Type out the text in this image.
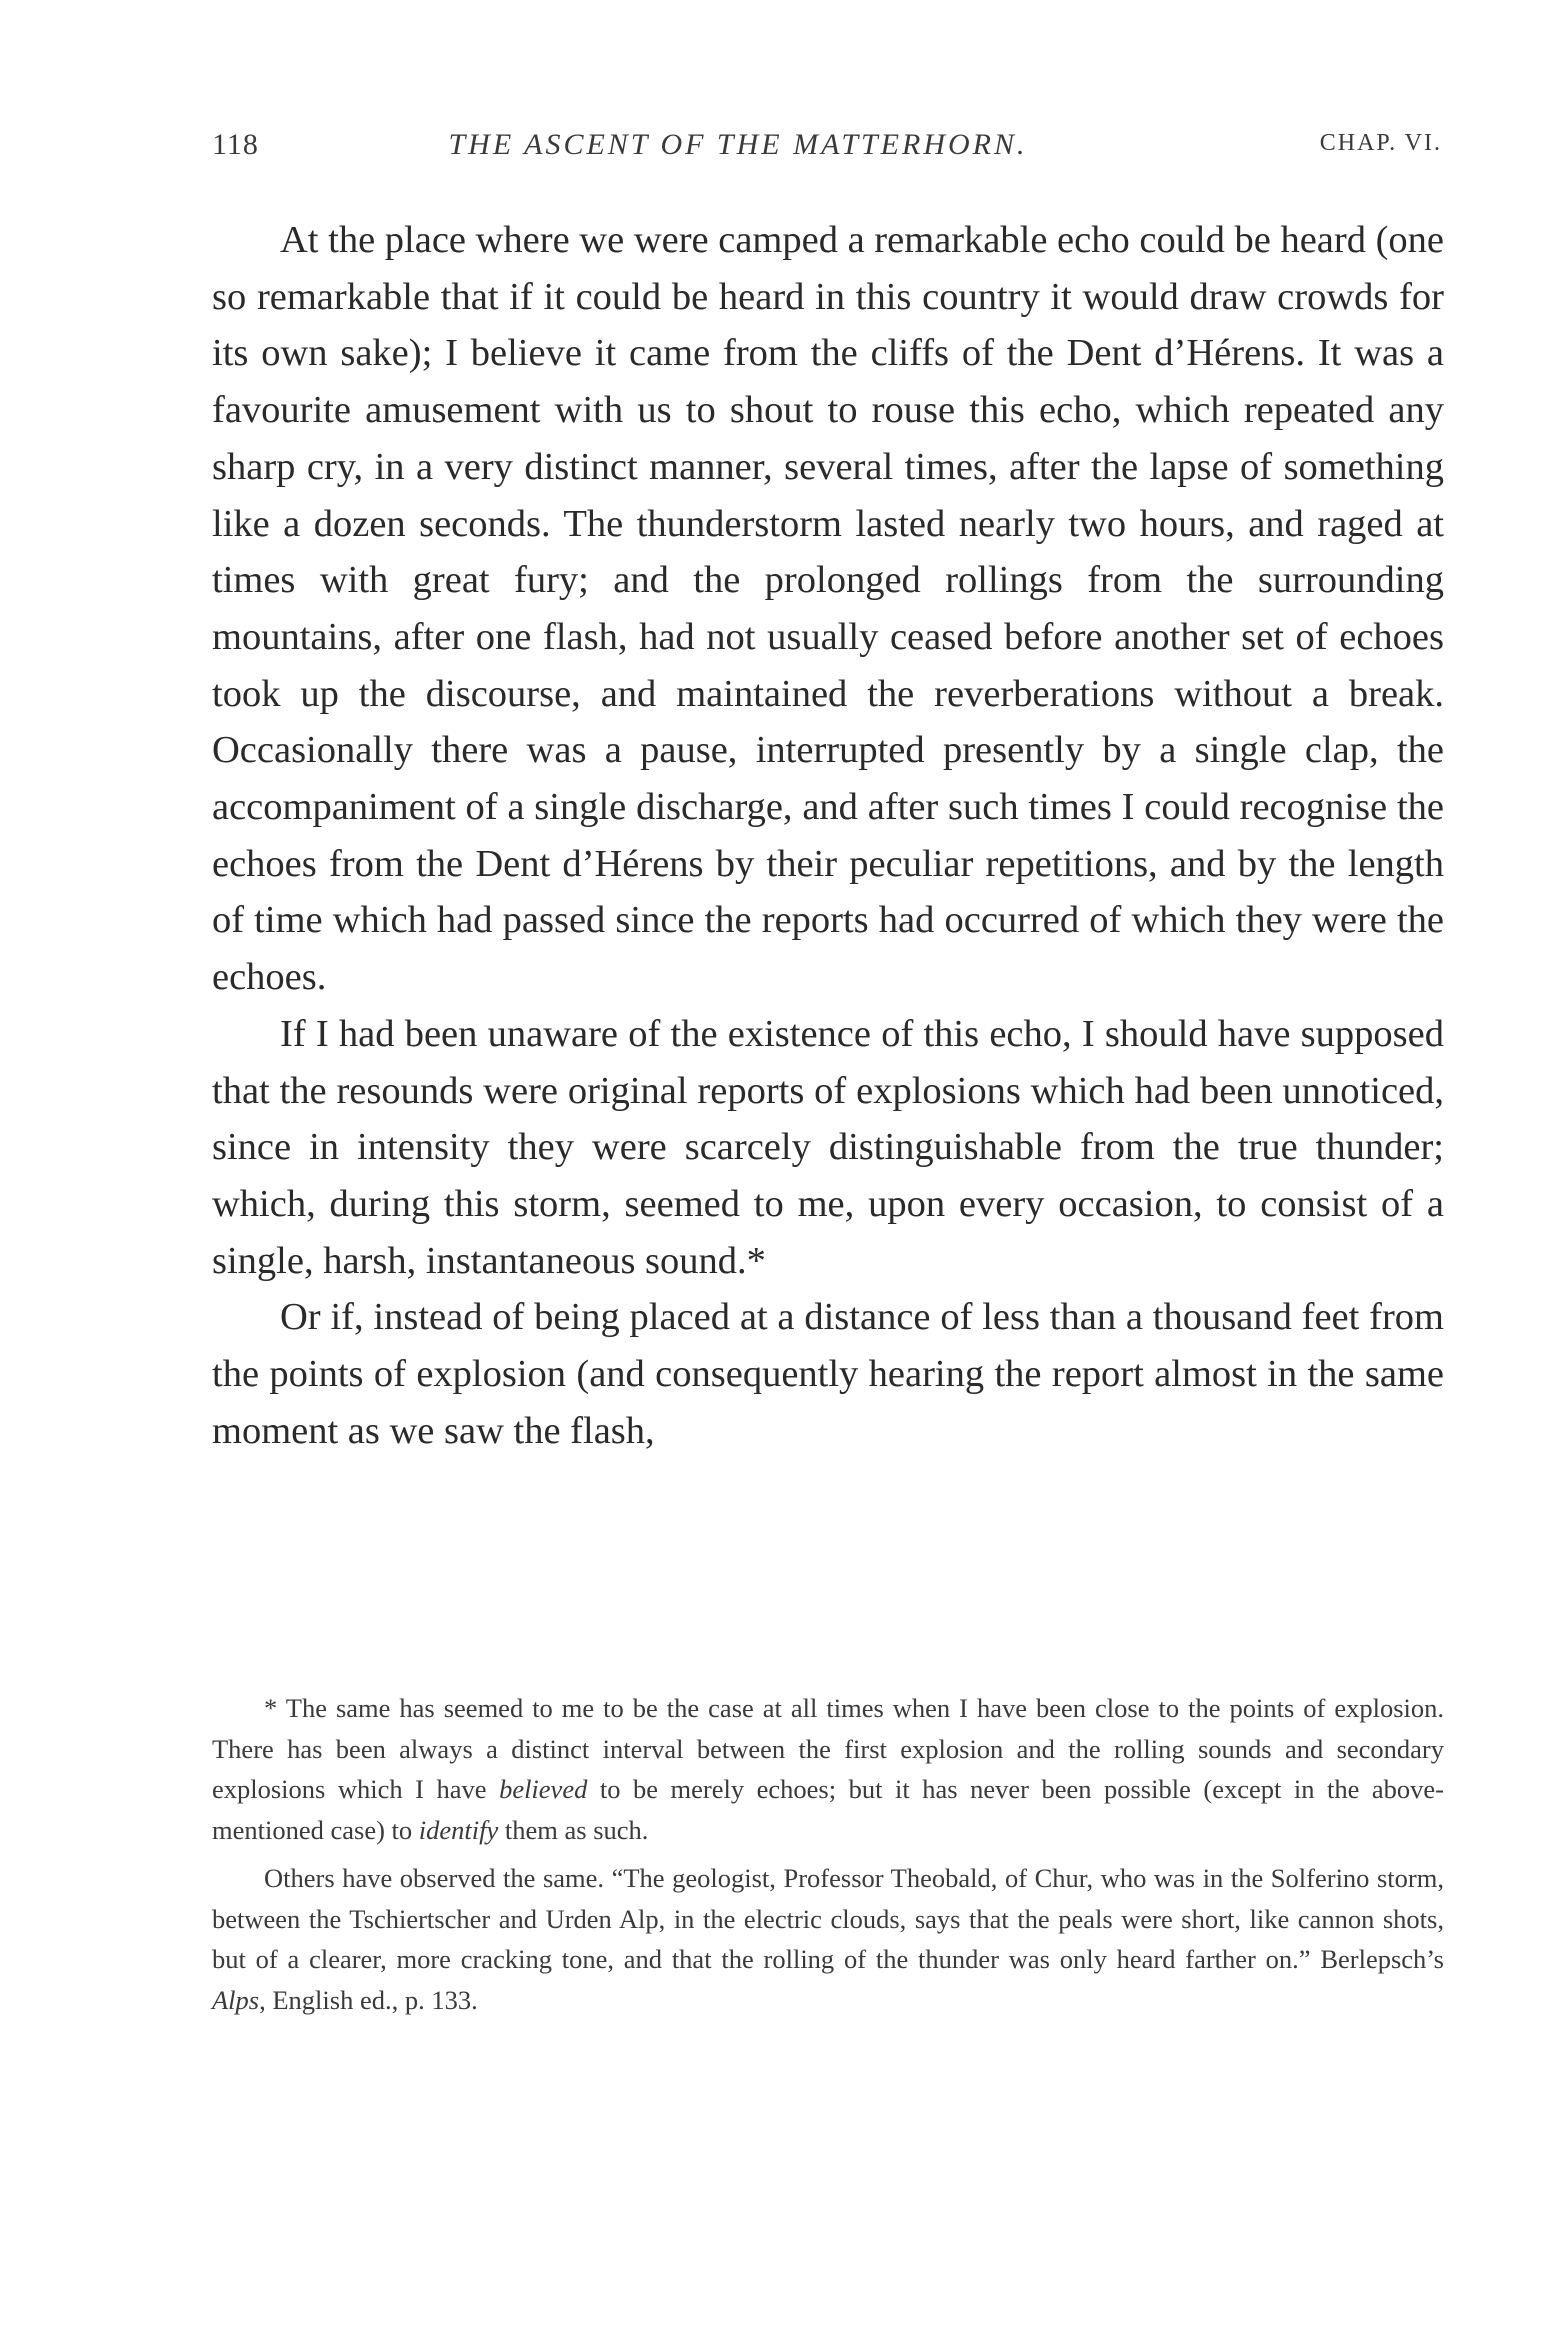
118	THE ASCENT OF THE MATTERHORN.	CHAP. VI.

At the place where we were camped a remarkable echo could be heard (one so remarkable that if it could be heard in this country it would draw crowds for its own sake); I believe it came from the cliffs of the Dent d’Hérens. It was a favourite amusement with us to shout to rouse this echo, which repeated any sharp cry, in a very distinct manner, several times, after the lapse of something like a dozen seconds. The thunderstorm lasted nearly two hours, and raged at times with great fury; and the prolonged rollings from the surrounding mountains, after one flash, had not usually ceased before another set of echoes took up the discourse, and maintained the reverberations without a break. Occasionally there was a pause, interrupted presently by a single clap, the accompaniment of a single discharge, and after such times I could recognise the echoes from the Dent d’Hérens by their peculiar repetitions, and by the length of time which had passed since the reports had occurred of which they were the echoes.

If I had been unaware of the existence of this echo, I should have supposed that the resounds were original reports of explosions which had been unnoticed, since in intensity they were scarcely distinguishable from the true thunder; which, during this storm, seemed to me, upon every occasion, to consist of a single, harsh, instantaneous sound.*

Or if, instead of being placed at a distance of less than a thousand feet from the points of explosion (and consequently hearing the report almost in the same moment as we saw the flash,

* The same has seemed to me to be the case at all times when I have been close to the points of explosion. There has been always a distinct interval between the first explosion and the rolling sounds and secondary explosions which I have believed to be merely echoes; but it has never been possible (except in the above-mentioned case) to identify them as such.

Others have observed the same. “The geologist, Professor Theobald, of Chur, who was in the Solferino storm, between the Tschiertscher and Urden Alp, in the electric clouds, says that the peals were short, like cannon shots, but of a clearer, more cracking tone, and that the rolling of the thunder was only heard farther on.” Berlepsch’s Alps, English ed., p. 133.
